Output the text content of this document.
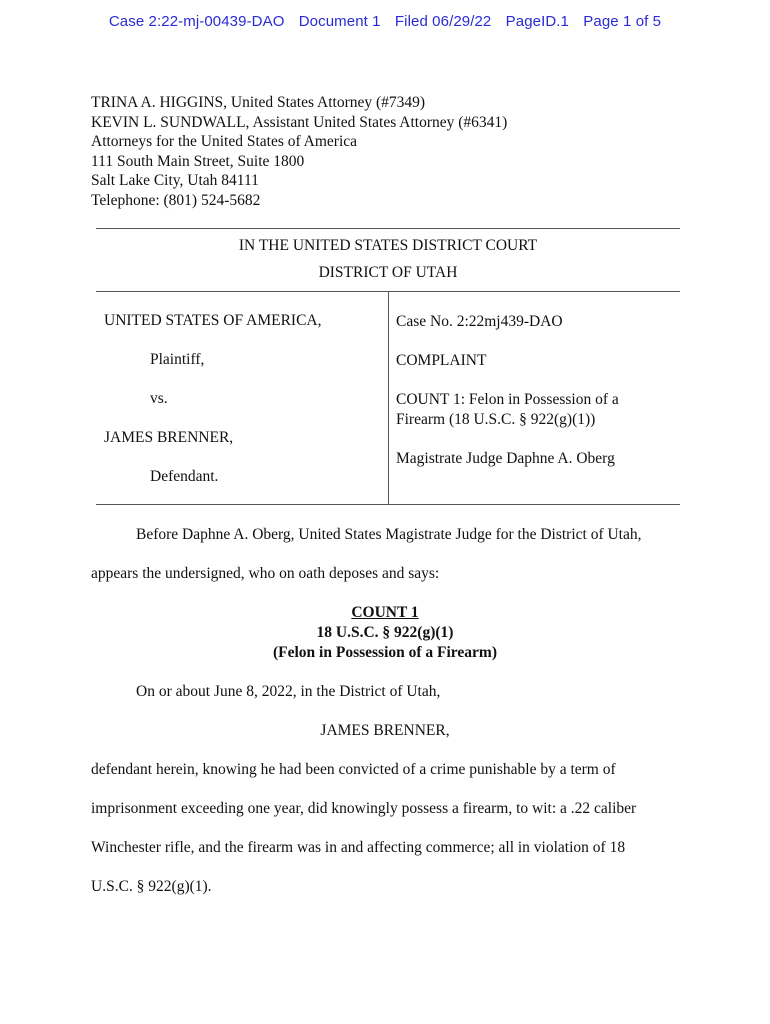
Case 2:22-mj-00439-DAO Document 1 Filed 06/29/22 PageID.1 Page 1 of 5
TRINA A. HIGGINS, United States Attorney (#7349)
KEVIN L. SUNDWALL, Assistant United States Attorney (#6341)
Attorneys for the United States of America
111 South Main Street, Suite 1800
Salt Lake City, Utah 84111
Telephone: (801) 524-5682
IN THE UNITED STATES DISTRICT COURT
DISTRICT OF UTAH
UNITED STATES OF AMERICA,
Plaintiff,
vs.
JAMES BRENNER,
Defendant.
Case No. 2:22mj439-DAO
COMPLAINT
COUNT 1: Felon in Possession of a
Firearm (18 U.S.C. § 922(g)(1))
Magistrate Judge Daphne A. Oberg
Before Daphne A. Oberg, United States Magistrate Judge for the District of Utah,
appears the undersigned, who on oath deposes and says:
COUNT 1
18 U.S.C. § 922(g)(1)
(Felon in Possession of a Firearm)
On or about June 8, 2022, in the District of Utah,
JAMES BRENNER,
defendant herein, knowing he had been convicted of a crime punishable by a term of
imprisonment exceeding one year, did knowingly possess a firearm, to wit: a .22 caliber
Winchester rifle, and the firearm was in and affecting commerce; all in violation of 18
U.S.C. § 922(g)(1).
